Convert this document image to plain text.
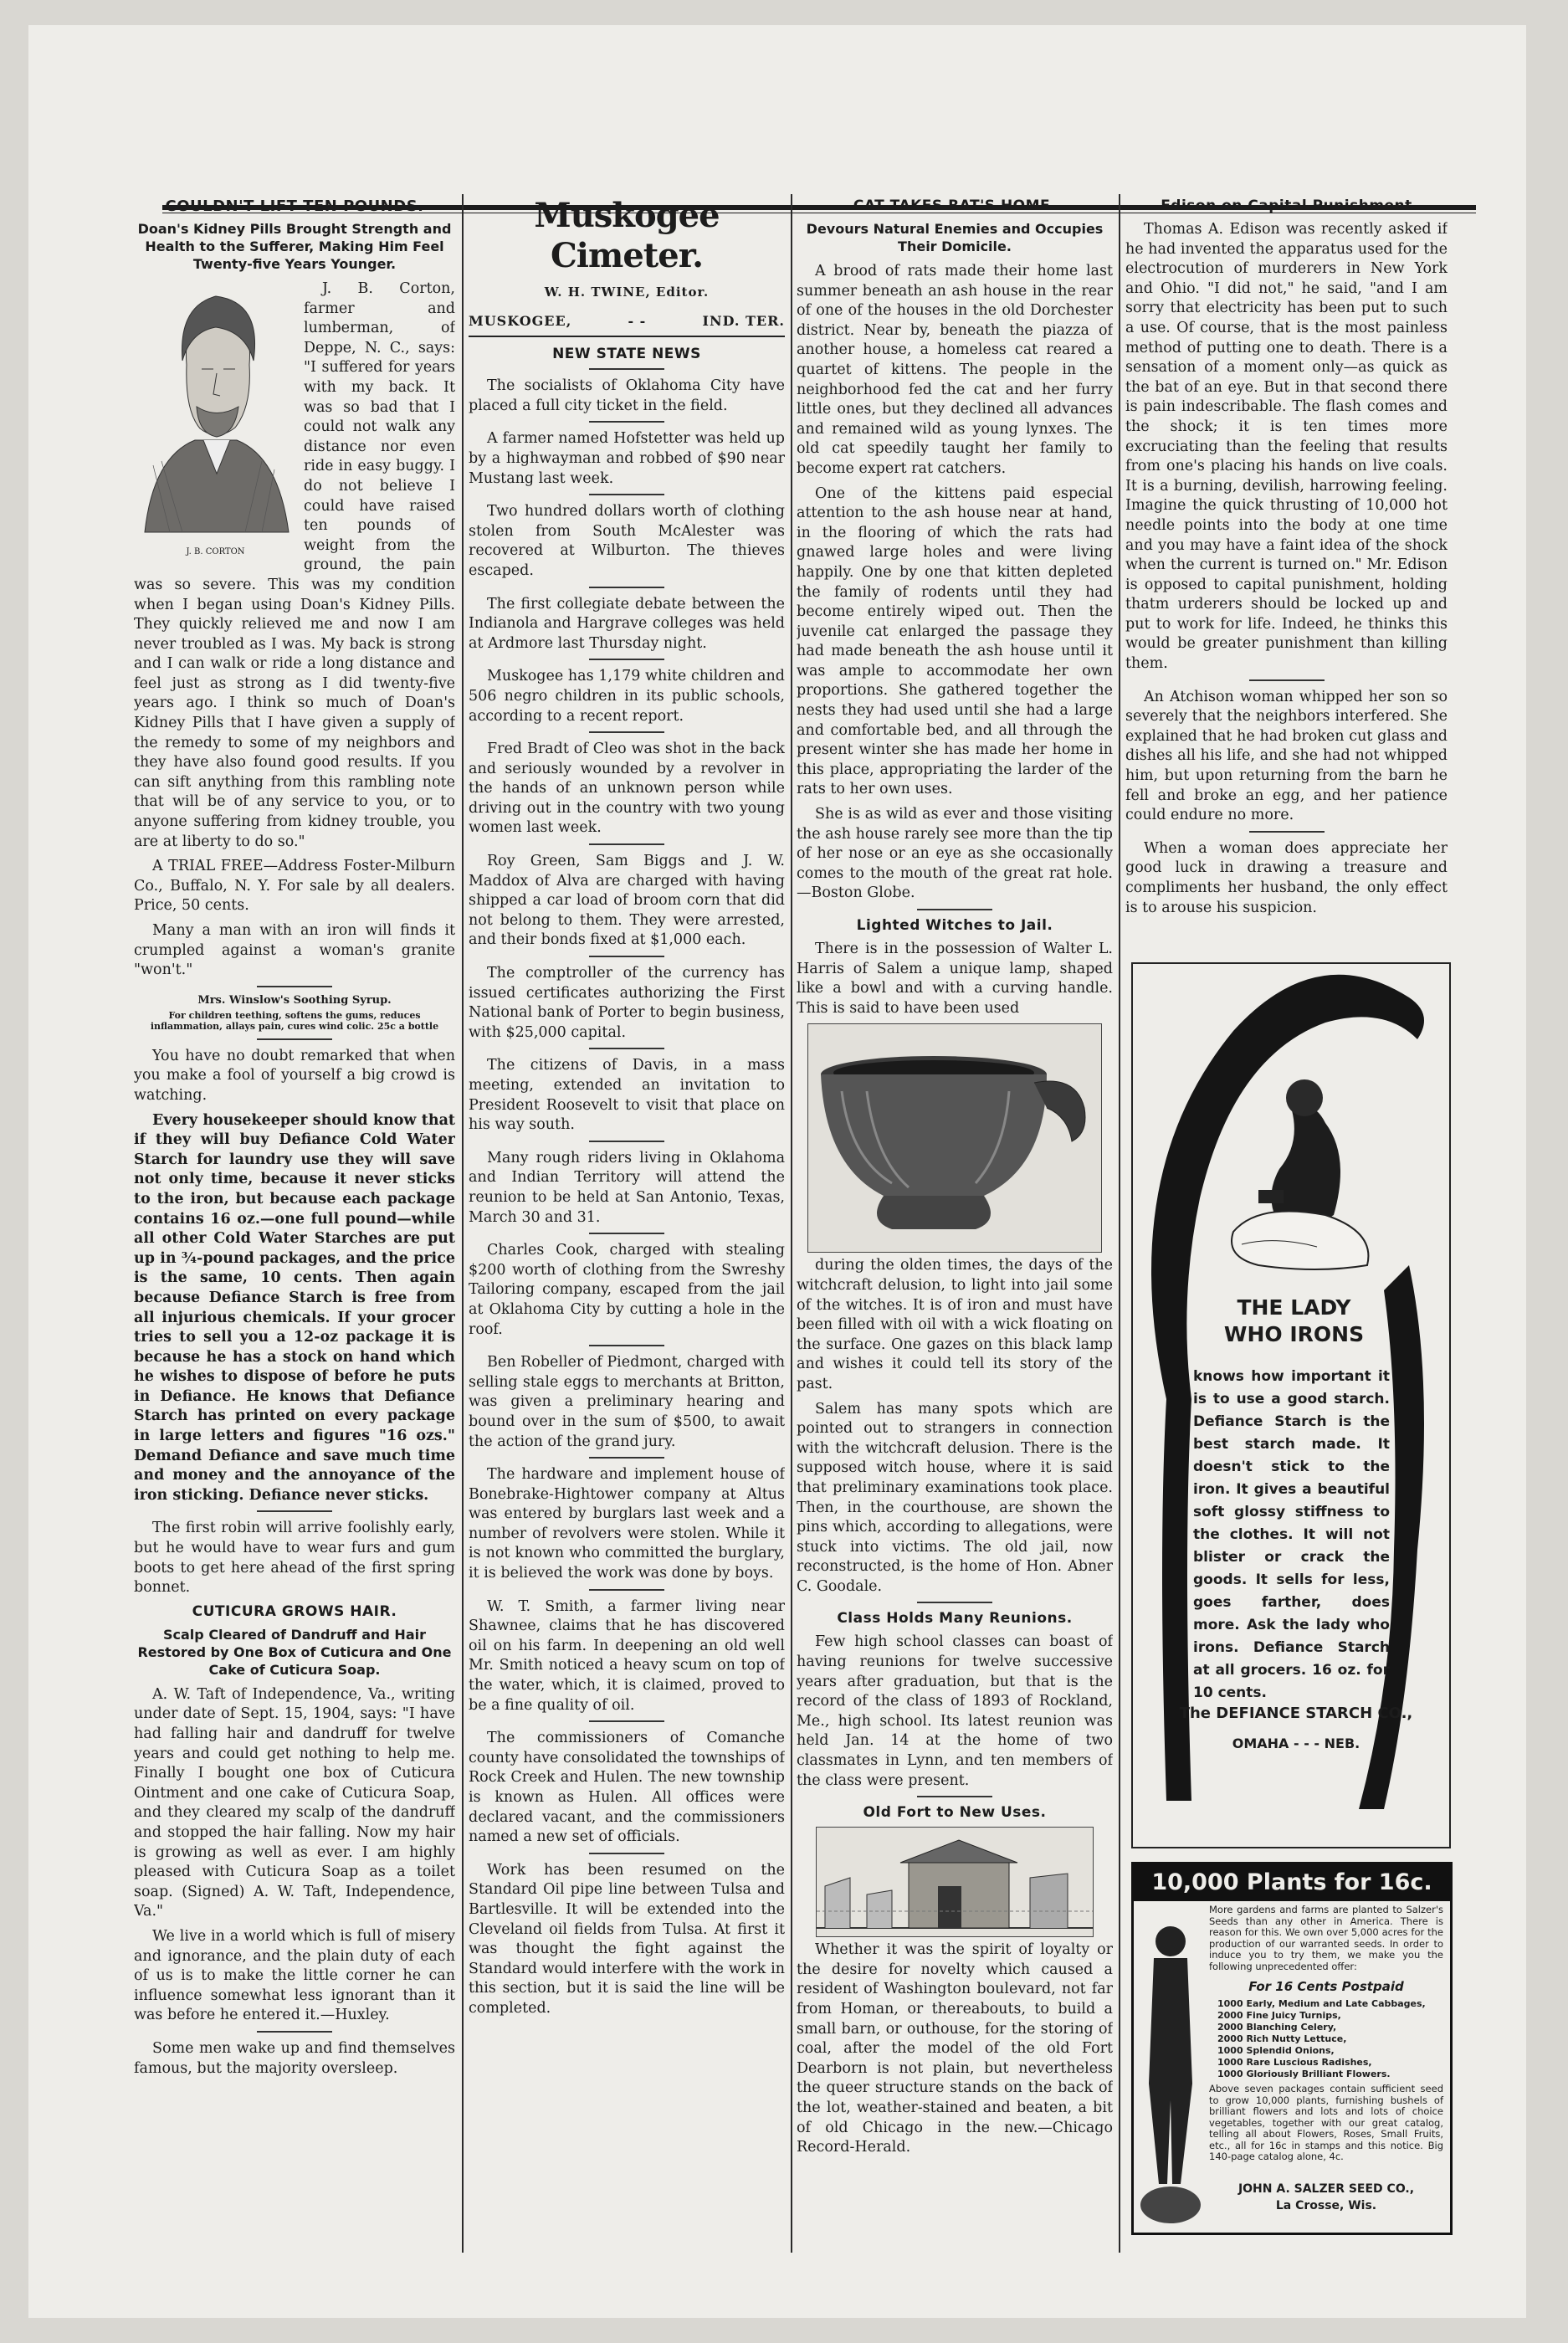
COULDN'T LIFT TEN POUNDS.
Doan's Kidney Pills Brought Strength and Health to the Sufferer, Making Him Feel Twenty-five Years Younger.
J. B. CORTON

J. B. Corton, farmer and lumberman, of Deppe, N. C., says: "I suffered for years with my back. It was so bad that I could not walk any distance nor even ride in easy buggy. I do not believe I could have raised ten pounds of weight from the ground, the pain was so severe. This was my condition when I began using Doan's Kidney Pills. They quickly relieved me and now I am never troubled as I was. My back is strong and I can walk or ride a long distance and feel just as strong as I did twenty-five years ago. I think so much of Doan's Kidney Pills that I have given a supply of the remedy to some of my neighbors and they have also found good results. If you can sift anything from this rambling note that will be of any service to you, or to anyone suffering from kidney trouble, you are at liberty to do so."

A TRIAL FREE—Address Foster-Milburn Co., Buffalo, N. Y. For sale by all dealers. Price, 50 cents.

Many a man with an iron will finds it crumpled against a woman's granite "won't."

Mrs. Winslow's Soothing Syrup.
For children teething, softens the gums, reduces inflammation, allays pain, cures wind colic. 25c a bottle

You have no doubt remarked that when you make a fool of yourself a big crowd is watching.

Every housekeeper should know that if they will buy Defiance Cold Water Starch for laundry use they will save not only time, because it never sticks to the iron, but because each package contains 16 oz.—one full pound—while all other Cold Water Starches are put up in ¾-pound packages, and the price is the same, 10 cents. Then again because Defiance Starch is free from all injurious chemicals. If your grocer tries to sell you a 12-oz package it is because he has a stock on hand which he wishes to dispose of before he puts in Defiance. He knows that Defiance Starch has printed on every package in large letters and figures "16 ozs." Demand Defiance and save much time and money and the annoyance of the iron sticking. Defiance never sticks.

The first robin will arrive foolishly early, but he would have to wear furs and gum boots to get here ahead of the first spring bonnet.

CUTICURA GROWS HAIR.
Scalp Cleared of Dandruff and Hair Restored by One Box of Cuticura and One Cake of Cuticura Soap.

A. W. Taft of Independence, Va., writing under date of Sept. 15, 1904, says: "I have had falling hair and dandruff for twelve years and could get nothing to help me. Finally I bought one box of Cuticura Ointment and one cake of Cuticura Soap, and they cleared my scalp of the dandruff and stopped the hair falling. Now my hair is growing as well as ever. I am highly pleased with Cuticura Soap as a toilet soap. (Signed) A. W. Taft, Independence, Va."

We live in a world which is full of misery and ignorance, and the plain duty of each of us is to make the little corner he can influence somewhat less ignorant than it was before he entered it.—Huxley.

Some men wake up and find themselves famous, but the majority oversleep.

Muskogee Cimeter.
W. H. TWINE, Editor.
MUSKOGEE,	- -	IND. TER.
NEW STATE NEWS

The socialists of Oklahoma City have placed a full city ticket in the field.

A farmer named Hofstetter was held up by a highwayman and robbed of $90 near Mustang last week.

Two hundred dollars worth of clothing stolen from South McAlester was recovered at Wilburton. The thieves escaped.

The first collegiate debate between the Indianola and Hargrave colleges was held at Ardmore last Thursday night.

Muskogee has 1,179 white children and 506 negro children in its public schools, according to a recent report.

Fred Bradt of Cleo was shot in the back and seriously wounded by a revolver in the hands of an unknown person while driving out in the country with two young women last week.

Roy Green, Sam Biggs and J. W. Maddox of Alva are charged with having shipped a car load of broom corn that did not belong to them. They were arrested, and their bonds fixed at $1,000 each.

The comptroller of the currency has issued certificates authorizing the First National bank of Porter to begin business, with $25,000 capital.

The citizens of Davis, in a mass meeting, extended an invitation to President Roosevelt to visit that place on his way south.

Many rough riders living in Oklahoma and Indian Territory will attend the reunion to be held at San Antonio, Texas, March 30 and 31.

Charles Cook, charged with stealing $200 worth of clothing from the Swreshy Tailoring company, escaped from the jail at Oklahoma City by cutting a hole in the roof.

Ben Robeller of Piedmont, charged with selling stale eggs to merchants at Britton, was given a preliminary hearing and bound over in the sum of $500, to await the action of the grand jury.

The hardware and implement house of Bonebrake-Hightower company at Altus was entered by burglars last week and a number of revolvers were stolen. While it is not known who committed the burglary, it is believed the work was done by boys.

W. T. Smith, a farmer living near Shawnee, claims that he has discovered oil on his farm. In deepening an old well Mr. Smith noticed a heavy scum on top of the water, which, it is claimed, proved to be a fine quality of oil.

The commissioners of Comanche county have consolidated the townships of Rock Creek and Hulen. The new township is known as Hulen. All offices were declared vacant, and the commissioners named a new set of officials.

Work has been resumed on the Standard Oil pipe line between Tulsa and Bartlesville. It will be extended into the Cleveland oil fields from Tulsa. At first it was thought the fight against the Standard would interfere with the work in this section, but it is said the line will be completed.

CAT TAKES RAT'S HOME.
Devours Natural Enemies and Occupies Their Domicile.

A brood of rats made their home last summer beneath an ash house in the rear of one of the houses in the old Dorchester district. Near by, beneath the piazza of another house, a homeless cat reared a quartet of kittens. The people in the neighborhood fed the cat and her furry little ones, but they declined all advances and remained wild as young lynxes. The old cat speedily taught her family to become expert rat catchers.

One of the kittens paid especial attention to the ash house near at hand, in the flooring of which the rats had gnawed large holes and were living happily. One by one that kitten depleted the family of rodents until they had become entirely wiped out. Then the juvenile cat enlarged the passage they had made beneath the ash house until it was ample to accommodate her own proportions. She gathered together the nests they had used until she had a large and comfortable bed, and all through the present winter she has made her home in this place, appropriating the larder of the rats to her own uses.

She is as wild as ever and those visiting the ash house rarely see more than the tip of her nose or an eye as she occasionally comes to the mouth of the great rat hole.—Boston Globe.

Lighted Witches to Jail.

There is in the possession of Walter L. Harris of Salem a unique lamp, shaped like a bowl and with a curving handle. This is said to have been used

during the olden times, the days of the witchcraft delusion, to light into jail some of the witches. It is of iron and must have been filled with oil with a wick floating on the surface. One gazes on this black lamp and wishes it could tell its story of the past.

Salem has many spots which are pointed out to strangers in connection with the witchcraft delusion. There is the supposed witch house, where it is said that preliminary examinations took place. Then, in the courthouse, are shown the pins which, according to allegations, were stuck into victims. The old jail, now reconstructed, is the home of Hon. Abner C. Goodale.

Class Holds Many Reunions.

Few high school classes can boast of having reunions for twelve successive years after graduation, but that is the record of the class of 1893 of Rockland, Me., high school. Its latest reunion was held Jan. 14 at the home of two classmates in Lynn, and ten members of the class were present.

Old Fort to New Uses.

Whether it was the spirit of loyalty or the desire for novelty which caused a resident of Washington boulevard, not far from Homan, or thereabouts, to build a small barn, or outhouse, for the storing of coal, after the model of the old Fort Dearborn is not plain, but nevertheless the queer structure stands on the back of the lot, weather-stained and beaten, a bit of old Chicago in the new.—Chicago Record-Herald.

Edison on Capital Punishment

Thomas A. Edison was recently asked if he had invented the apparatus used for the electrocution of murderers in New York and Ohio. "I did not," he said, "and I am sorry that electricity has been put to such a use. Of course, that is the most painless method of putting one to death. There is a sensation of a moment only—as quick as the bat of an eye. But in that second there is pain indescribable. The flash comes and the shock; it is ten times more excruciating than the feeling that results from one's placing his hands on live coals. It is a burning, devilish, harrowing feeling. Imagine the quick thrusting of 10,000 hot needle points into the body at one time and you may have a faint idea of the shock when the current is turned on." Mr. Edison is opposed to capital punishment, holding thatm urderers should be locked up and put to work for life. Indeed, he thinks this would be greater punishment than killing them.

An Atchison woman whipped her son so severely that the neighbors interfered. She explained that he had broken cut glass and dishes all his life, and she had not whipped him, but upon returning from the barn he fell and broke an egg, and her patience could endure no more.

When a woman does appreciate her good luck in drawing a treasure and compliments her husband, the only effect is to arouse his suspicion.

THE LADY
WHO IRONS
knows how important it is to use a good starch. Defiance Starch is the best starch made. It doesn't stick to the iron. It gives a beautiful soft glossy stiffness to the clothes. It will not blister or crack the goods. It sells for less, goes farther, does more. Ask the lady who irons. Defiance Starch at all grocers. 16 oz. for 10 cents.
The DEFIANCE STARCH CO.,
OMAHA - - - NEB.
10,000 Plants for 16c.
More gardens and farms are planted to Salzer's Seeds than any other in America. There is reason for this. We own over 5,000 acres for the production of our warranted seeds. In order to induce you to try them, we make you the following unprecedented offer:
For 16 Cents Postpaid
1000 Early, Medium and Late Cabbages,
2000 Fine Juicy Turnips,
2000 Blanching Celery,
2000 Rich Nutty Lettuce,
1000 Splendid Onions,
1000 Rare Luscious Radishes,
1000 Gloriously Brilliant Flowers.
Above seven packages contain sufficient seed to grow 10,000 plants, furnishing bushels of brilliant flowers and lots and lots of choice vegetables, together with our great catalog, telling all about Flowers, Roses, Small Fruits, etc., all for 16c in stamps and this notice. Big 140-page catalog alone, 4c.
JOHN A. SALZER SEED CO.,
La Crosse, Wis.
